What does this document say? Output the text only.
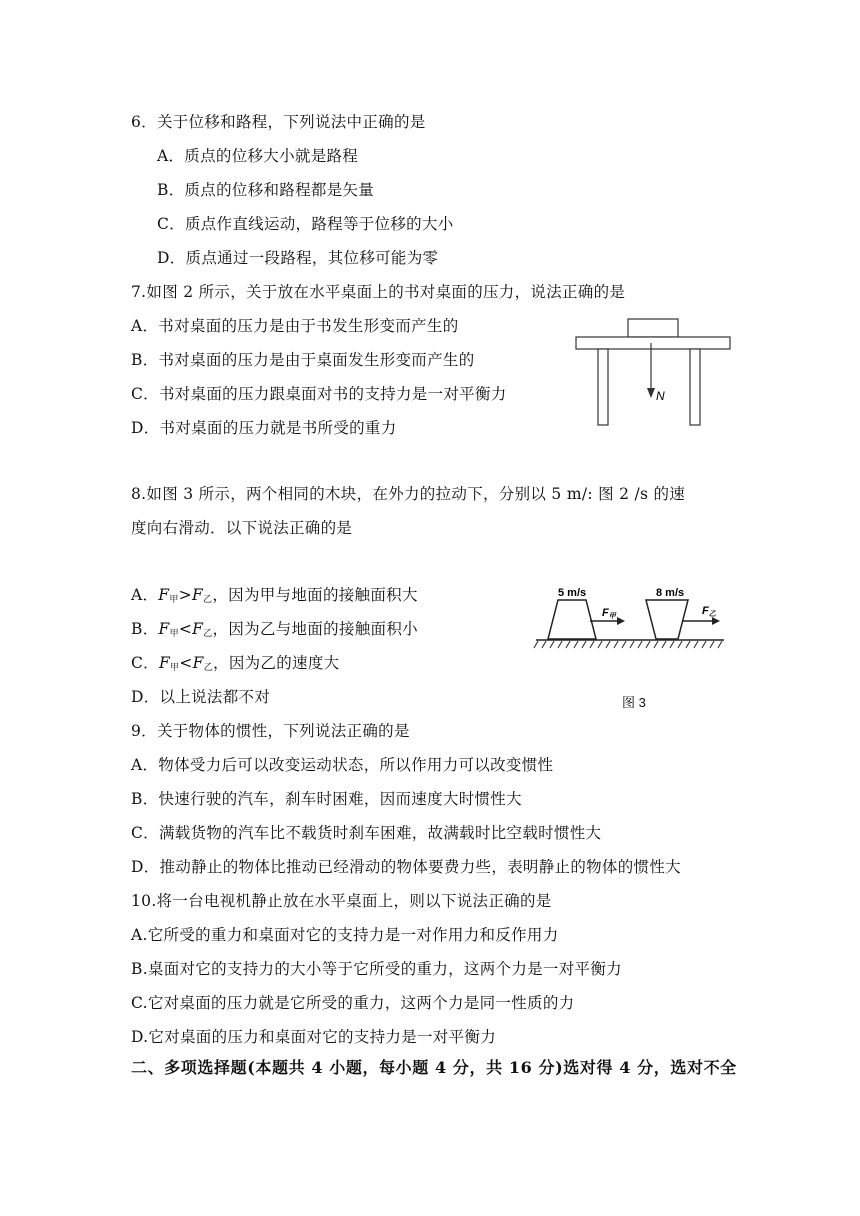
6．关于位移和路程，下列说法中正确的是
A．质点的位移大小就是路程
B．质点的位移和路程都是矢量
C．质点作直线运动，路程等于位移的大小
D．质点通过一段路程，其位移可能为零
7.如图 2 所示，关于放在水平桌面上的书对桌面的压力，说法正确的是
A．书对桌面的压力是由于书发生形变而产生的
B．书对桌面的压力是由于桌面发生形变而产生的
C．书对桌面的压力跟桌面对书的支持力是一对平衡力
D．书对桌面的压力就是书所受的重力
N
8.如图 3 所示，两个相同的木块，在外力的拉动下，分别以 5 m/: 图 2 /s 的速
度向右滑动．以下说法正确的是
A．$F_甲>F_乙$，因为甲与地面的接触面积大
B．$F_甲<F_乙$，因为乙与地面的接触面积小
C．$F_甲<F_乙$，因为乙的速度大
D．以上说法都不对
5 m/s	8 m/s
F甲	F乙
图 3
9．关于物体的惯性，下列说法正确的是
A．物体受力后可以改变运动状态，所以作用力可以改变惯性
B．快速行驶的汽车，刹车时困难，因而速度大时惯性大
C．满载货物的汽车比不载货时刹车困难，故满载时比空载时惯性大
D．推动静止的物体比推动已经滑动的物体要费力些，表明静止的物体的惯性大
10.将一台电视机静止放在水平桌面上，则以下说法正确的是
A.它所受的重力和桌面对它的支持力是一对作用力和反作用力
B.桌面对它的支持力的大小等于它所受的重力，这两个力是一对平衡力
C.它对桌面的压力就是它所受的重力，这两个力是同一性质的力
D.它对桌面的压力和桌面对它的支持力是一对平衡力
二、多项选择题(本题共 4 小题，每小题 4 分，共 16 分)选对得 4 分，选对不全
